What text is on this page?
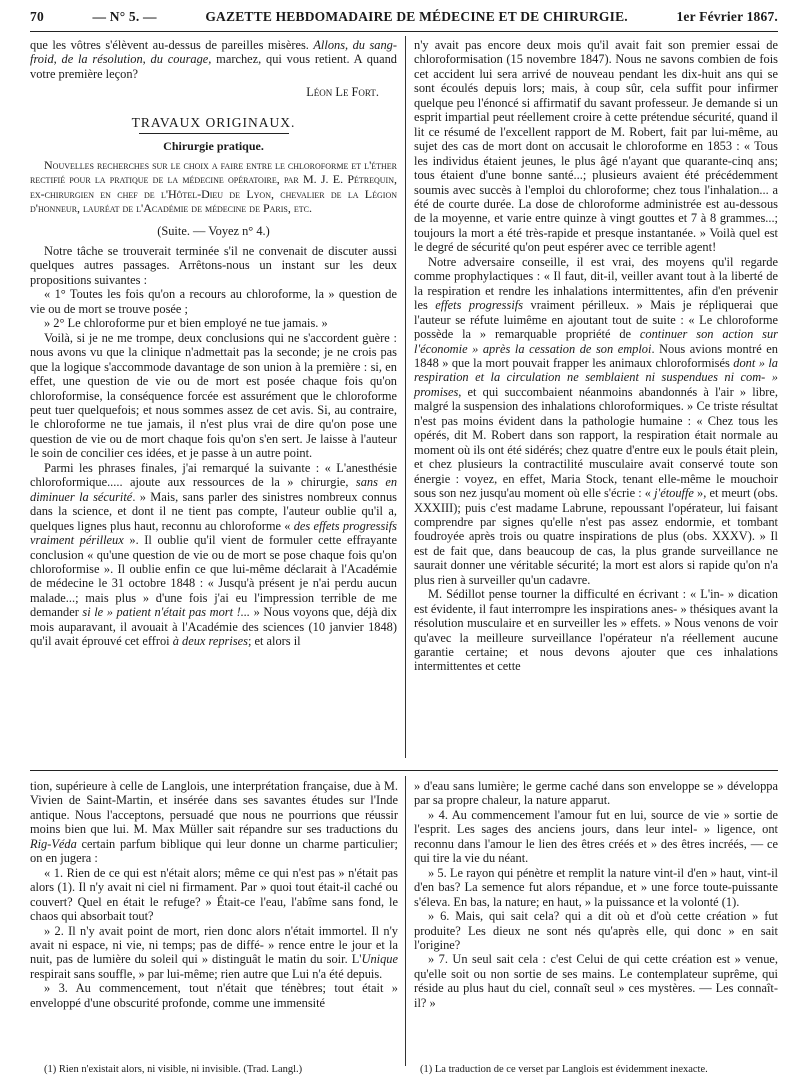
70	— N° 5. —	GAZETTE HEBDOMADAIRE DE MÉDECINE ET DE CHIRURGIE.	1er Février 1867.

que les vôtres s'élèvent au-dessus de pareilles misères. Allons, du sang-froid, de la résolution, du courage, marchez, qui vous retient. A quand votre première leçon?

Léon Le Fort.
TRAVAUX ORIGINAUX.
Chirurgie pratique.

Nouvelles recherches sur le choix a faire entre le chloroforme et l'éther rectifié pour la pratique de la médecine opératoire, par M. J. E. Pétrequin, ex-chirurgien en chef de l'Hôtel-Dieu de Lyon, chevalier de la Légion d'honneur, lauréat de l'Académie de médecine de Paris, etc.

(Suite. — Voyez n° 4.)

Notre tâche se trouverait terminée s'il ne convenait de discuter aussi quelques autres passages. Arrêtons-nous un instant sur les deux propositions suivantes :

« 1° Toutes les fois qu'on a recours au chloroforme, la » question de vie ou de mort se trouve posée ;

» 2° Le chloroforme pur et bien employé ne tue jamais. »

Voilà, si je ne me trompe, deux conclusions qui ne s'accordent guère : nous avons vu que la clinique n'admettait pas la seconde; je ne crois pas que la logique s'accommode davantage de son union à la première : si, en effet, une question de vie ou de mort est posée chaque fois qu'on chloroformise, la conséquence forcée est assurément que le chloroforme peut tuer quelquefois; et nous sommes assez de cet avis. Si, au contraire, le chloroforme ne tue jamais, il n'est plus vrai de dire qu'on pose une question de vie ou de mort chaque fois qu'on s'en sert. Je laisse à l'auteur le soin de concilier ces idées, et je passe à un autre point.

Parmi les phrases finales, j'ai remarqué la suivante : « L'anesthésie chloroformique..... ajoute aux ressources de la » chirurgie, sans en diminuer la sécurité. » Mais, sans parler des sinistres nombreux connus dans la science, et dont il ne tient pas compte, l'auteur oublie qu'il a, quelques lignes plus haut, reconnu au chloroforme « des effets progressifs vraiment périlleux ». Il oublie qu'il vient de formuler cette effrayante conclusion « qu'une question de vie ou de mort se pose chaque fois qu'on chloroformise ». Il oublie enfin ce que lui-même déclarait à l'Académie de médecine le 31 octobre 1848 : « Jusqu'à présent je n'ai perdu aucun malade...; mais plus » d'une fois j'ai eu l'impression terrible de me demander si le » patient n'était pas mort !... » Nous voyons que, déjà dix mois auparavant, il avouait à l'Académie des sciences (10 janvier 1848) qu'il avait éprouvé cet effroi à deux reprises; et alors il

n'y avait pas encore deux mois qu'il avait fait son premier essai de chloroformisation (15 novembre 1847). Nous ne savons combien de fois cet accident lui sera arrivé de nouveau pendant les dix-huit ans qui se sont écoulés depuis lors; mais, à coup sûr, cela suffit pour infirmer quelque peu l'énoncé si affirmatif du savant professeur. Je demande si un esprit impartial peut réellement croire à cette prétendue sécurité, quand il lit ce résumé de l'excellent rapport de M. Robert, fait par lui-même, au sujet des cas de mort dont on accusait le chloroforme en 1853 : « Tous les individus étaient jeunes, le plus âgé n'ayant que quarante-cinq ans; tous étaient d'une bonne santé...; plusieurs avaient été précédemment soumis avec succès à l'emploi du chloroforme; chez tous l'inhalation... a été de courte durée. La dose de chloroforme administrée est au-dessous de la moyenne, et varie entre quinze à vingt gouttes et 7 à 8 grammes...; toujours la mort a été très-rapide et presque instantanée. » Voilà quel est le degré de sécurité qu'on peut espérer avec ce terrible agent!

Notre adversaire conseille, il est vrai, des moyens qu'il regarde comme prophylactiques : « Il faut, dit-il, veiller avant tout à la liberté de la respiration et rendre les inhalations intermittentes, afin d'en prévenir les effets progressifs vraiment périlleux. » Mais je répliquerai que l'auteur se réfute luimême en ajoutant tout de suite : « Le chloroforme possède la » remarquable propriété de continuer son action sur l'économie » après la cessation de son emploi. Nous avions montré en 1848 » que la mort pouvait frapper les animaux chloroformisés dont » la respiration et la circulation ne semblaient ni suspendues ni com- » promises, et qui succombaient néanmoins abandonnés à l'air » libre, malgré la suspension des inhalations chloroformiques. » Ce triste résultat n'est pas moins évident dans la pathologie humaine : « Chez tous les opérés, dit M. Robert dans son rapport, la respiration était normale au moment où ils ont été sidérés; chez quatre d'entre eux le pouls était plein, et chez plusieurs la contractilité musculaire avait conservé toute son énergie : voyez, en effet, Maria Stock, tenant elle-même le mouchoir sous son nez jusqu'au moment où elle s'écrie : « j'étouffe », et meurt (obs. XXXIII); puis c'est madame Labrune, repoussant l'opérateur, lui faisant comprendre par signes qu'elle n'est pas assez endormie, et tombant foudroyée après trois ou quatre inspirations de plus (obs. XXXV). » Il est de fait que, dans beaucoup de cas, la plus grande surveillance ne saurait donner une véritable sécurité; la mort est alors si rapide qu'on n'a plus rien à surveiller qu'un cadavre.

M. Sédillot pense tourner la difficulté en écrivant : « L'in- » dication est évidente, il faut interrompre les inspirations anes- » thésiques avant la résolution musculaire et en surveiller les » effets. » Nous venons de voir qu'avec la meilleure surveillance l'opérateur n'a réellement aucune garantie certaine; et nous devons ajouter que ces inhalations intermittentes et cette

tion, supérieure à celle de Langlois, une interprétation française, due à M. Vivien de Saint-Martin, et insérée dans ses savantes études sur l'Inde antique. Nous l'acceptons, persuadé que nous ne pourrions que réussir moins bien que lui. M. Max Müller sait répandre sur ses traductions du Rig-Véda certain parfum biblique qui leur donne un charme particulier; on en jugera :

« 1. Rien de ce qui est n'était alors; même ce qui n'est pas » n'était pas alors (1). Il n'y avait ni ciel ni firmament. Par » quoi tout était-il caché ou couvert? Quel en était le refuge? » Était-ce l'eau, l'abîme sans fond, le chaos qui absorbait tout?

» 2. Il n'y avait point de mort, rien donc alors n'était immortel. Il n'y avait ni espace, ni vie, ni temps; pas de diffé- » rence entre le jour et la nuit, pas de lumière du soleil qui » distinguât le matin du soir. L'Unique respirait sans souffle, » par lui-même; rien autre que Lui n'a été depuis.

» 3. Au commencement, tout n'était que ténèbres; tout était » enveloppé d'une obscurité profonde, comme une immensité

(1) Rien n'existait alors, ni visible, ni invisible. (Trad. Langl.)

» d'eau sans lumière; le germe caché dans son enveloppe se » développa par sa propre chaleur, la nature apparut.

» 4. Au commencement l'amour fut en lui, source de vie » sortie de l'esprit. Les sages des anciens jours, dans leur intel- » ligence, ont reconnu dans l'amour le lien des êtres créés et » des êtres incréés, — ce qui tire la vie du néant.

» 5. Le rayon qui pénètre et remplit la nature vint-il d'en » haut, vint-il d'en bas? La semence fut alors répandue, et » une force toute-puissante s'éleva. En bas, la nature; en haut, » la puissance et la volonté (1).

» 6. Mais, qui sait cela? qui a dit où et d'où cette création » fut produite? Les dieux ne sont nés qu'après elle, qui donc » en sait l'origine?

» 7. Un seul sait cela : c'est Celui de qui cette création est » venue, qu'elle soit ou non sortie de ses mains. Le contemplateur suprême, qui réside au plus haut du ciel, connaît seul » ces mystères. — Les connaît-il? »

(1) La traduction de ce verset par Langlois est évidemment inexacte.
